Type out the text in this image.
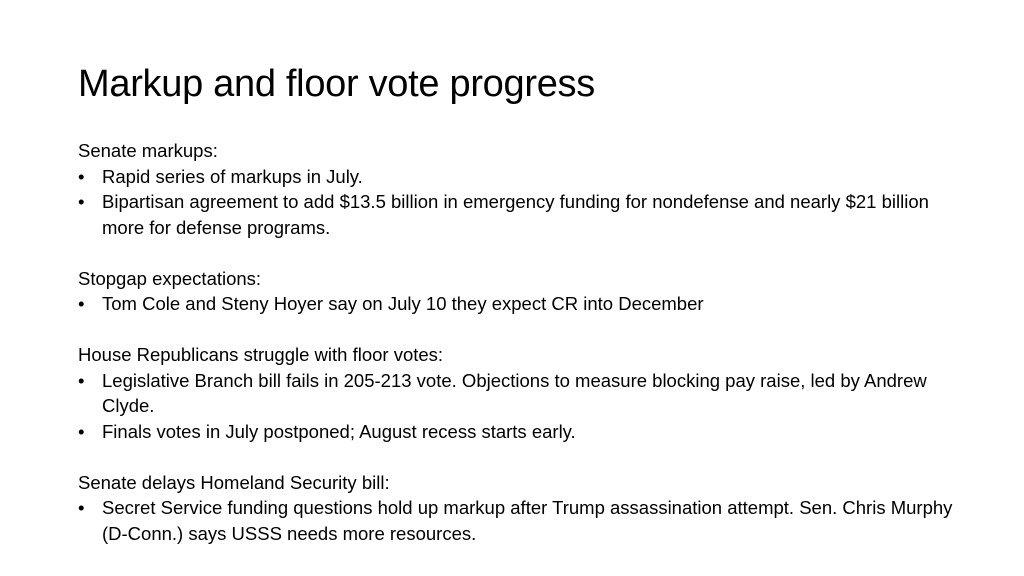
Markup and floor vote progress

Senate markups:

• Rapid series of markups in July.
• Bipartisan agreement to add $13.5 billion in emergency funding for nondefense and nearly $21 billion more for defense programs.

Stopgap expectations:

• Tom Cole and Steny Hoyer say on July 10 they expect CR into December

House Republicans struggle with floor votes:

• Legislative Branch bill fails in 205-213 vote. Objections to measure blocking pay raise, led by Andrew Clyde.
• Finals votes in July postponed; August recess starts early.

Senate delays Homeland Security bill:

• Secret Service funding questions hold up markup after Trump assassination attempt. Sen. Chris Murphy (D-Conn.) says USSS needs more resources.
